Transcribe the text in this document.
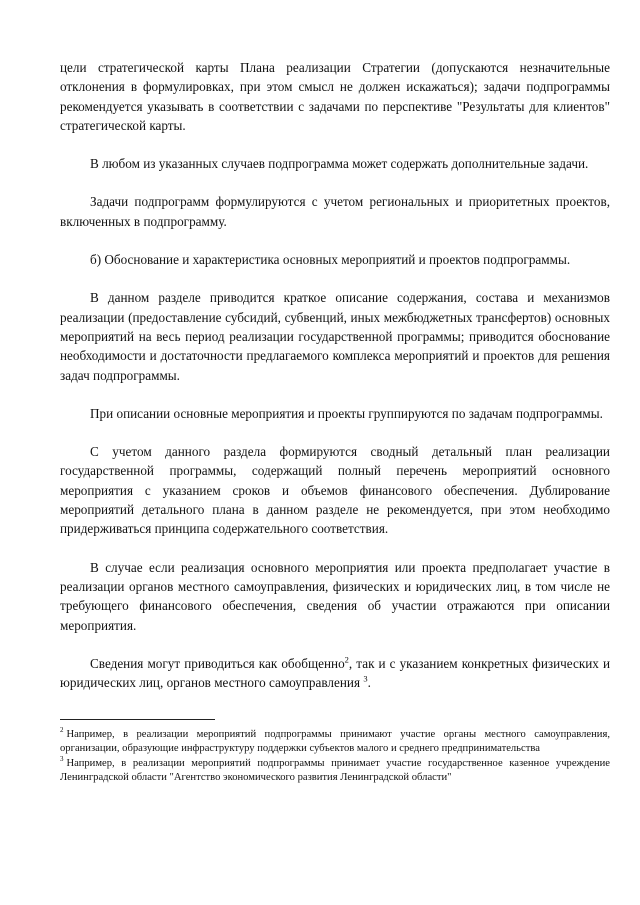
цели стратегической карты Плана реализации Стратегии (допускаются незначительные отклонения в формулировках, при этом смысл не должен искажаться); задачи подпрограммы рекомендуется указывать в соответствии с задачами по перспективе "Результаты для клиентов" стратегической карты.

В любом из указанных случаев подпрограмма может содержать дополнительные задачи.

Задачи подпрограмм формулируются с учетом региональных и приоритетных проектов, включенных в подпрограмму.

б) Обоснование и характеристика основных мероприятий и проектов подпрограммы.

В данном разделе приводится краткое описание содержания, состава и механизмов реализации (предоставление субсидий, субвенций, иных межбюджетных трансфертов) основных мероприятий на весь период реализации государственной программы; приводится обоснование необходимости и достаточности предлагаемого комплекса мероприятий и проектов для решения задач подпрограммы.

При описании основные мероприятия и проекты группируются по задачам подпрограммы.

С учетом данного раздела формируются сводный детальный план реализации государственной программы, содержащий полный перечень мероприятий основного мероприятия с указанием сроков и объемов финансового обеспечения. Дублирование мероприятий детального плана в данном разделе не рекомендуется, при этом необходимо придерживаться принципа содержательного соответствия.

В случае если реализация основного мероприятия или проекта предполагает участие в реализации органов местного самоуправления, физических и юридических лиц, в том числе не требующего финансового обеспечения, сведения об участии отражаются при описании мероприятия.

Сведения могут приводиться как обобщенно$^2$, так и с указанием конкретных физических и юридических лиц, органов местного самоуправления $^3$.

$^2$ Например, в реализации мероприятий подпрограммы принимают участие органы местного самоуправления, организации, образующие инфраструктуру поддержки субъектов малого и среднего предпринимательства

$^3$ Например, в реализации мероприятий подпрограммы принимает участие государственное казенное учреждение Ленинградской области "Агентство экономического развития Ленинградской области"
